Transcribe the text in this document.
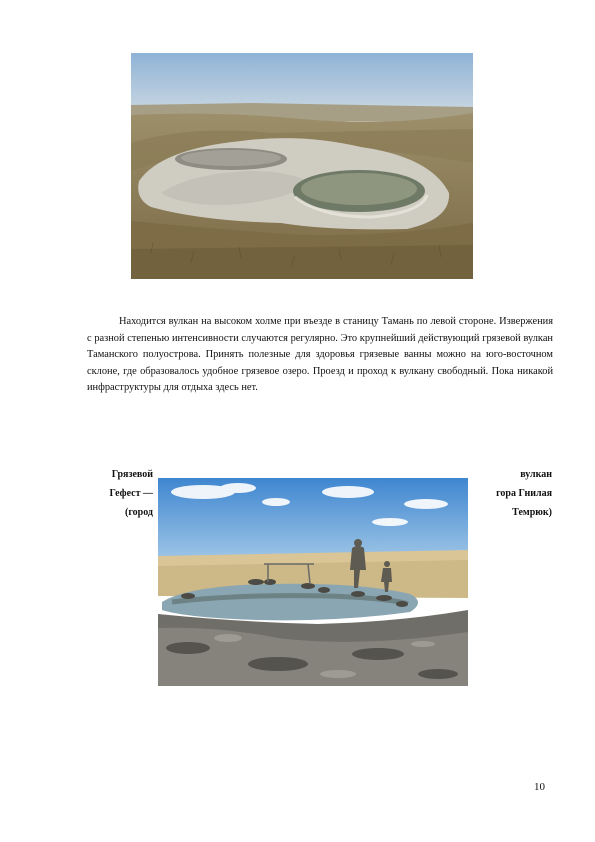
Находится вулкан на высоком холме при въезде в станицу Тамань по левой стороне. Извержения с разной степенью интенсивности случаются регулярно. Это крупнейший действующий грязевой вулкан Таманского полуострова. Принять полезные для здоровья грязевые ванны можно на юго-восточном склоне, где образовалось удобное грязевое озеро. Проезд и проход к вулкану свободный. Пока никакой инфраструктуры для отдыха здесь нет.

Грязевой
Гефест —
(город
вулкан
гора Гнилая
Темрюк)
10
